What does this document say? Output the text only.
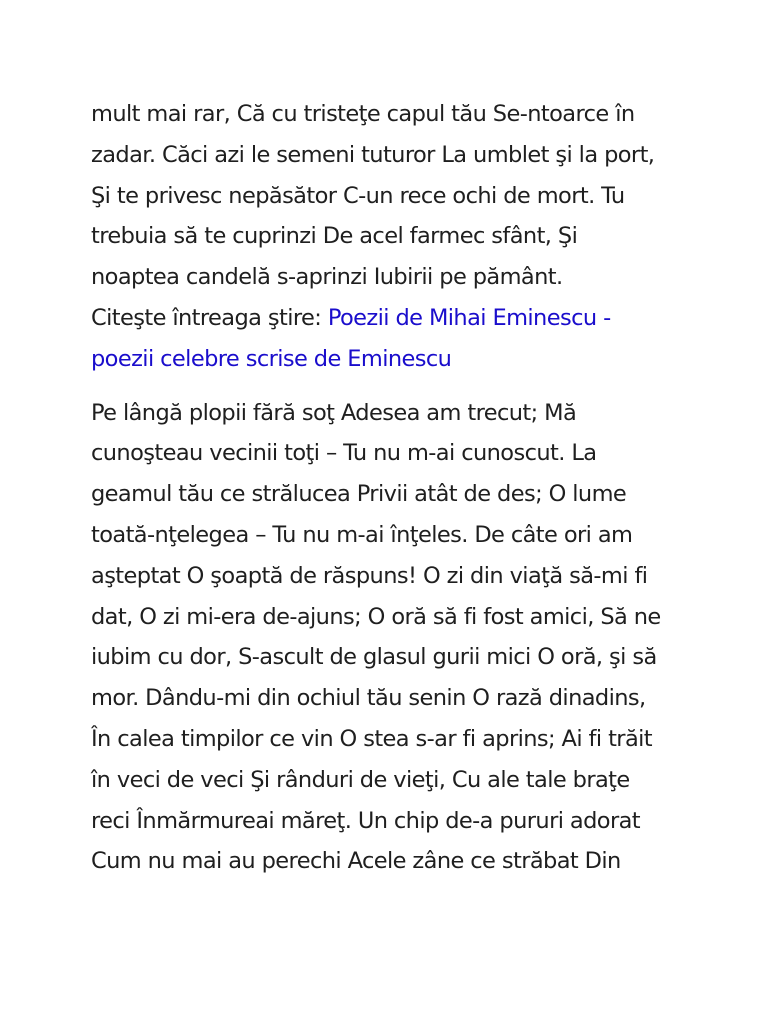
mult mai rar, Că cu tristeţe capul tău Se-ntoarce în
zadar. Căci azi le semeni tuturor La umblet şi la port,
Şi te privesc nepăsător C-un rece ochi de mort. Tu
trebuia să te cuprinzi De acel farmec sfânt, Şi
noaptea candelă s-aprinzi Iubirii pe pământ.
Citeşte întreaga ştire: Poezii de Mihai Eminescu -
poezii celebre scrise de Eminescu

Pe lângă plopii fără soţ Adesea am trecut; Mă
cunoşteau vecinii toţi – Tu nu m-ai cunoscut. La
geamul tău ce strălucea Privii atât de des; O lume
toată-nţelegea – Tu nu m-ai înţeles. De câte ori am
aşteptat O şoaptă de răspuns! O zi din viaţă să-mi fi
dat, O zi mi-era de-ajuns; O oră să fi fost amici, Să ne
iubim cu dor, S-ascult de glasul gurii mici O oră, şi să
mor. Dându-mi din ochiul tău senin O rază dinadins,
În calea timpilor ce vin O stea s-ar fi aprins; Ai fi trăit
în veci de veci Şi rânduri de vieţi, Cu ale tale braţe
reci Înmărmureai măreţ. Un chip de-a pururi adorat
Cum nu mai au perechi Acele zâne ce străbat Din
